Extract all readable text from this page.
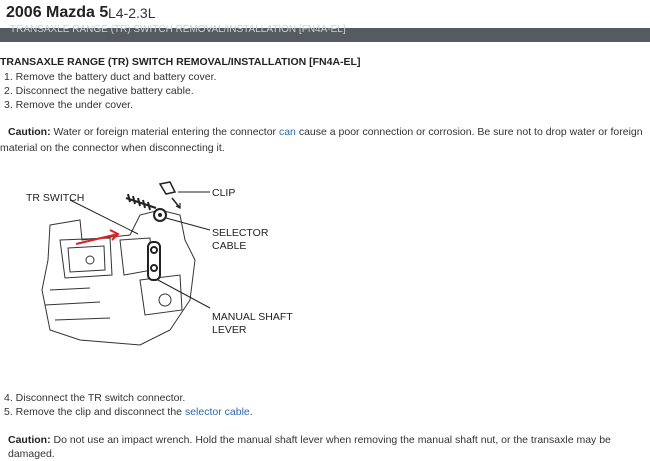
2006 Mazda 5 L4-2.3L
TRANSAXLE RANGE (TR) SWITCH REMOVAL/INSTALLATION [FN4A-EL]
TRANSAXLE RANGE (TR) SWITCH REMOVAL/INSTALLATION [FN4A-EL]
1. Remove the battery duct and battery cover.
2. Disconnect the negative battery cable.
3. Remove the under cover.
Caution: Water or foreign material entering the connector can cause a poor connection or corrosion. Be sure not to drop water or foreign material on the connector when disconnecting it.
TR SWITCH	CLIP
SELECTOR
CABLE
MANUAL SHAFT
LEVER
4. Disconnect the TR switch connector.
5. Remove the clip and disconnect the selector cable.
Caution: Do not use an impact wrench. Hold the manual shaft lever when removing the manual shaft nut, or the transaxle may be damaged.
